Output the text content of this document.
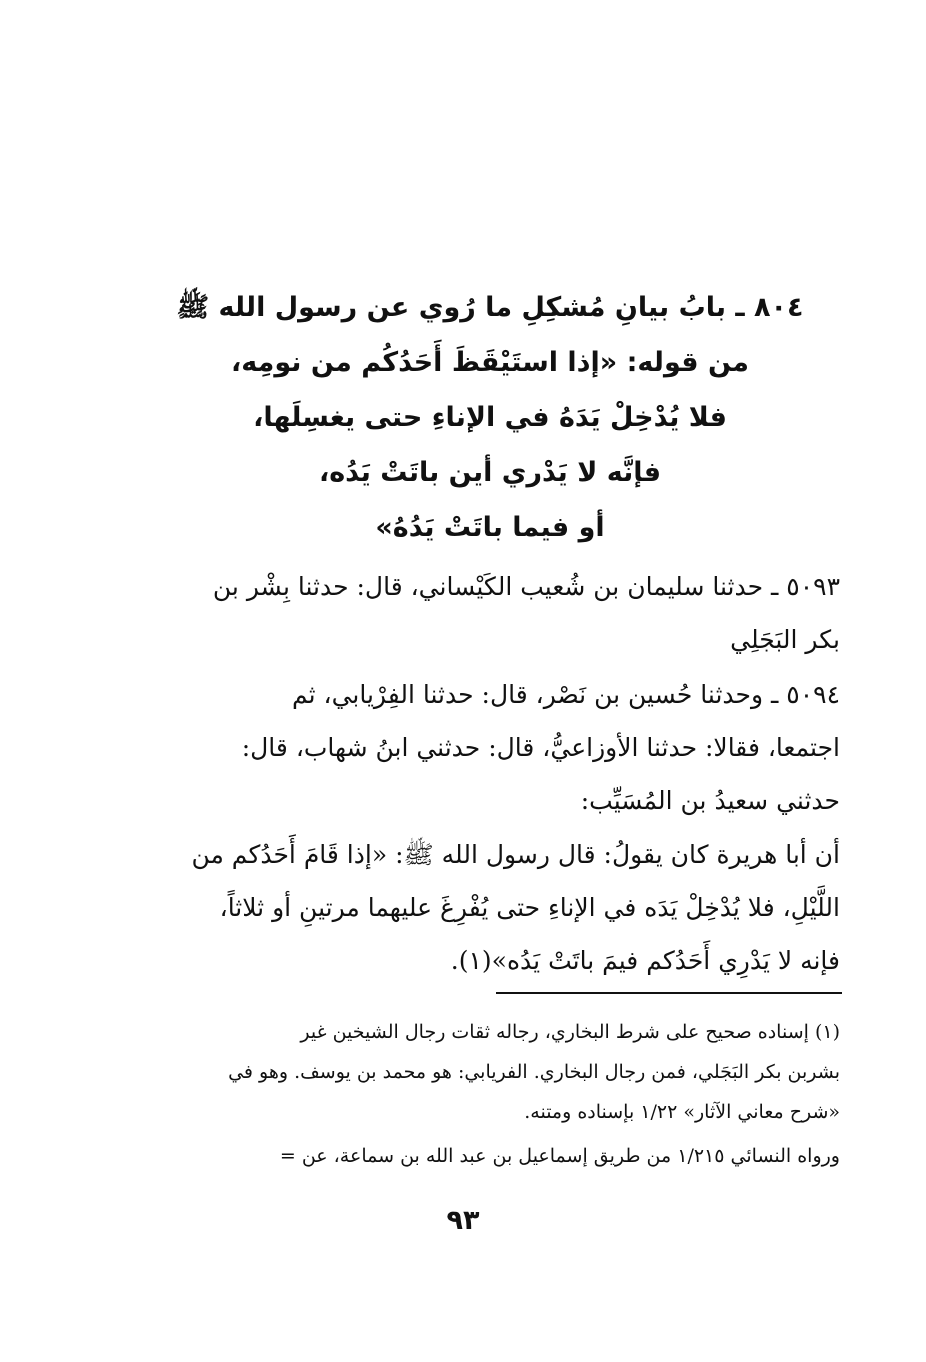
٨٠٤ ـ بابُ بيانِ مُشكِلِ ما رُوي عن رسول الله ﷺ
من قوله: «إذا استَيْقَظَ أَحَدُكُم من نومِه،
فلا يُدْخِلْ يَدَهُ في الإناءِ حتى يغسِلَها،
فإنَّه لا يَدْري أين باتَتْ يَدُه،
أو فيما باتَتْ يَدُهُ»
٥٠٩٣ ـ حدثنا سليمان بن شُعيب الكَيْساني، قال: حدثنا بِشْر بن
بكر البَجَلِي
٥٠٩٤ ـ وحدثنا حُسين بن نَصْر، قال: حدثنا الفِرْيابي، ثم
اجتمعا، فقالا: حدثنا الأوزاعيُّ، قال: حدثني ابنُ شهاب، قال:
حدثني سعيدُ بن المُسَيِّب:
أن أبا هريرة كان يقولُ: قال رسول الله ﷺ: «إذا قَامَ أَحَدُكم من
اللَّيْلِ، فلا يُدْخِلْ يَدَه في الإناءِ حتى يُفْرِغَ عليهما مرتينِ أو ثلاثاً،
فإنه لا يَدْرِي أَحَدُكم فيمَ باتَتْ يَدُه»(١).
(١) إسناده صحيح على شرط البخاري، رجاله ثقات رجال الشيخين غير
بشربن بكر البَجَلي، فمن رجال البخاري. الفريابي: هو محمد بن يوسف. وهو في
«شرح معاني الآثار» ١/٢٢ بإسناده ومتنه.
ورواه النسائي ١/٢١٥ من طريق إسماعيل بن عبد الله بن سماعة، عن =
٩٣
